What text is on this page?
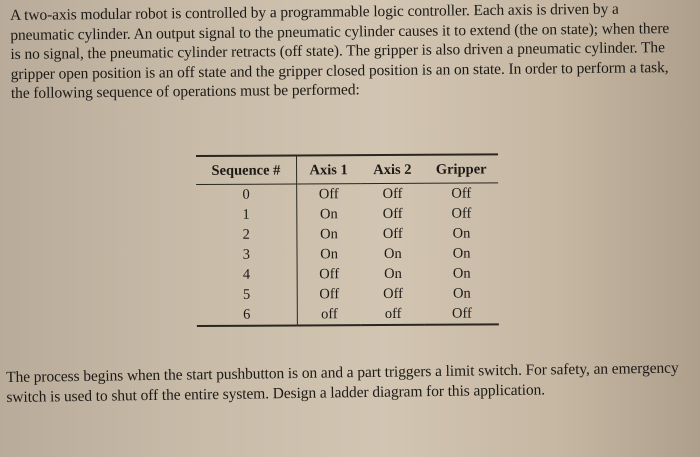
A two-axis modular robot is controlled by a programmable logic controller. Each axis is driven by a pneumatic cylinder. An output signal to the pneumatic cylinder causes it to extend (the on state); when there is no signal, the pneumatic cylinder retracts (off state). The gripper is also driven a pneumatic cylinder. The gripper open position is an off state and the gripper closed position is an on state. In order to perform a task, the following sequence of operations must be performed:

Sequence #	Axis 1	Axis 2	Gripper
0	Off	Off	Off
1	On	Off	Off
2	On	Off	On
3	On	On	On
4	Off	On	On
5	Off	Off	On
6	off	off	Off

The process begins when the start pushbutton is on and a part triggers a limit switch. For safety, an emergency switch is used to shut off the entire system. Design a ladder diagram for this application.
